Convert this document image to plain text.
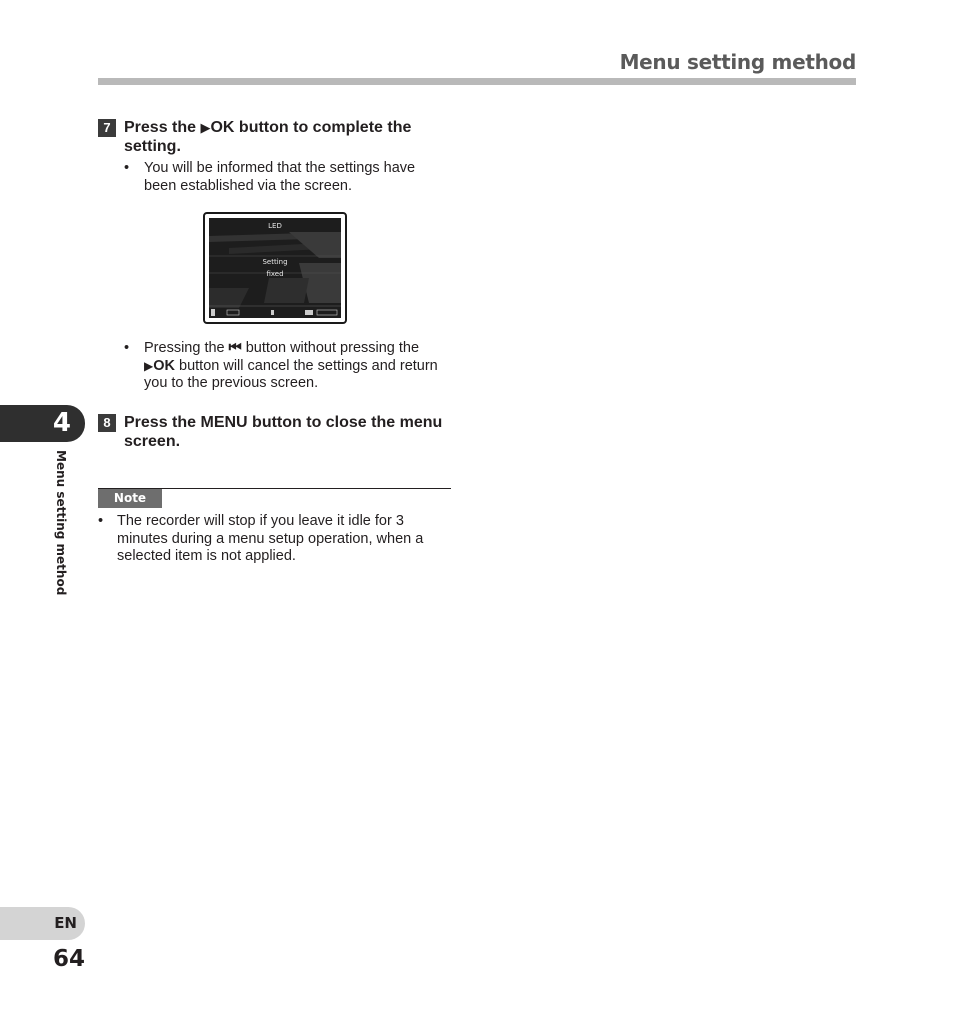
Menu setting method
7 Press the ▶OK button to complete the setting.
• You will be informed that the settings have been established via the screen.
LED
Setting
fixed
• Pressing the ⏮ button without pressing the ▶OK button will cancel the settings and return you to the previous screen.
8 Press the MENU button to close the menu screen.
Note
• The recorder will stop if you leave it idle for 3 minutes during a menu setup operation, when a selected item is not applied.
4
Menu setting method
EN
64
